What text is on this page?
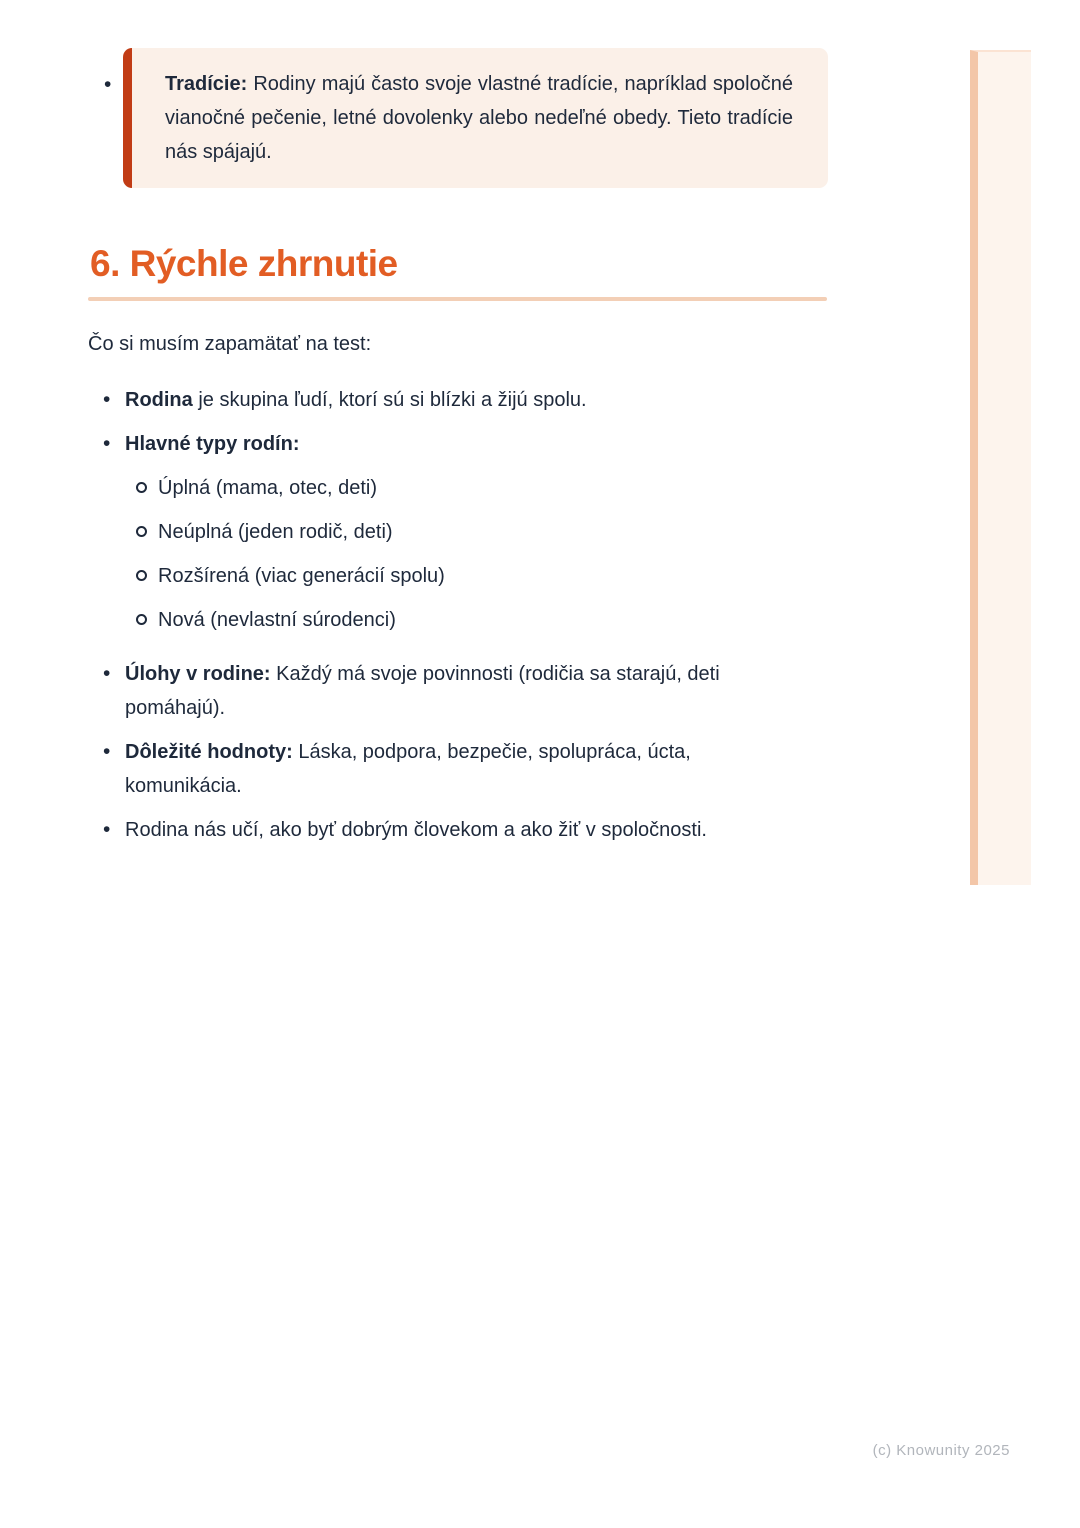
•	Tradície: Rodiny majú často svoje vlastné tradície, napríklad spoločné vianočné pečenie, letné dovolenky alebo nedeľné obedy. Tieto tradície nás spájajú.

6. Rýchle zhrnutie

Čo si musím zapamätať na test:

• Rodina je skupina ľudí, ktorí sú si blízki a žijú spolu.
• Hlavné typy rodín:
Úplná (mama, otec, deti)
Neúplná (jeden rodič, deti)
Rozšírená (viac generácií spolu)
Nová (nevlastní súrodenci)
• Úlohy v rodine: Každý má svoje povinnosti (rodičia sa starajú, deti pomáhajú).
• Dôležité hodnoty: Láska, podpora, bezpečie, spolupráca, úcta, komunikácia.
• Rodina nás učí, ako byť dobrým človekom a ako žiť v spoločnosti.
(c) Knowunity 2025
